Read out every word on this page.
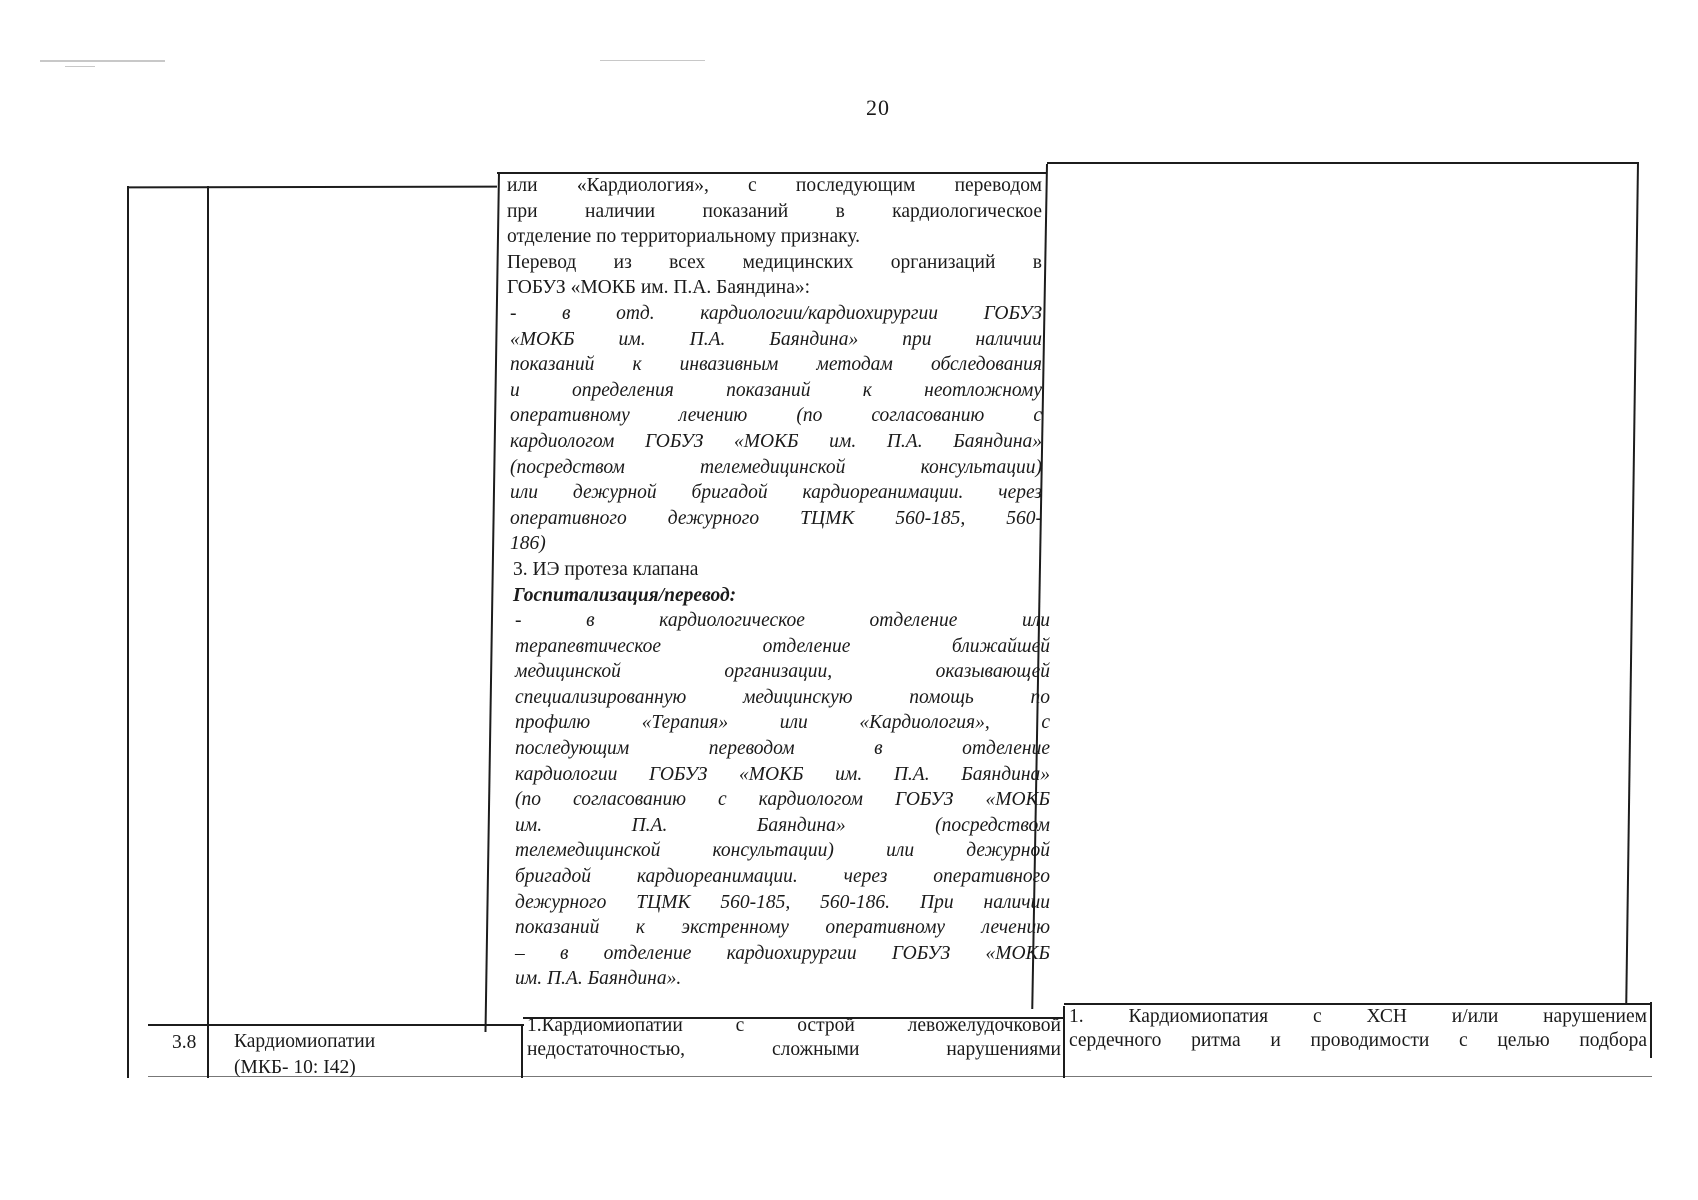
20

или «Кардиология», с последующим переводом

при наличии показаний в кардиологическое

отделение по территориальному признаку.

Перевод из всех медицинских организаций в

ГОБУЗ «МОКБ им. П.А. Баяндина»:

- в отд. кардиологии/кардиохирургии ГОБУЗ

«МОКБ им. П.А. Баяндина» при наличии

показаний к инвазивным методам обследования

и определения показаний к неотложному

оперативному лечению (по согласованию с

кардиологом ГОБУЗ «МОКБ им. П.А. Баяндина»

(посредством телемедицинской консультации)

или дежурной бригадой кардиореанимации. через

оперативного дежурного ТЦМК 560-185, 560-

186)

3. ИЭ протеза клапана

Госпитализация/перевод:

- в кардиологическое отделение или

терапевтическое отделение ближайшей

медицинской организации, оказывающей

специализированную медицинскую помощь по

профилю «Терапия» или «Кардиология», с

последующим переводом в отделение

кардиологии ГОБУЗ «МОКБ им. П.А. Баяндина»

(по согласованию с кардиологом ГОБУЗ «МОКБ

им. П.А. Баяндина» (посредством

телемедицинской консультации) или дежурной

бригадой кардиореанимации. через оперативного

дежурного ТЦМК 560-185, 560-186. При наличии

показаний к экстренному оперативному лечению

– в отделение кардиохирургии ГОБУЗ «МОКБ

им. П.А. Баяндина».

3.8 Кардиомиопатии

(МКБ- 10: I42)

1.Кардиомиопатии с острой левожелудочковой

недостаточностью, сложными нарушениями

1. Кардиомиопатия с ХСН и/или нарушением

сердечного ритма и проводимости с целью подбора
